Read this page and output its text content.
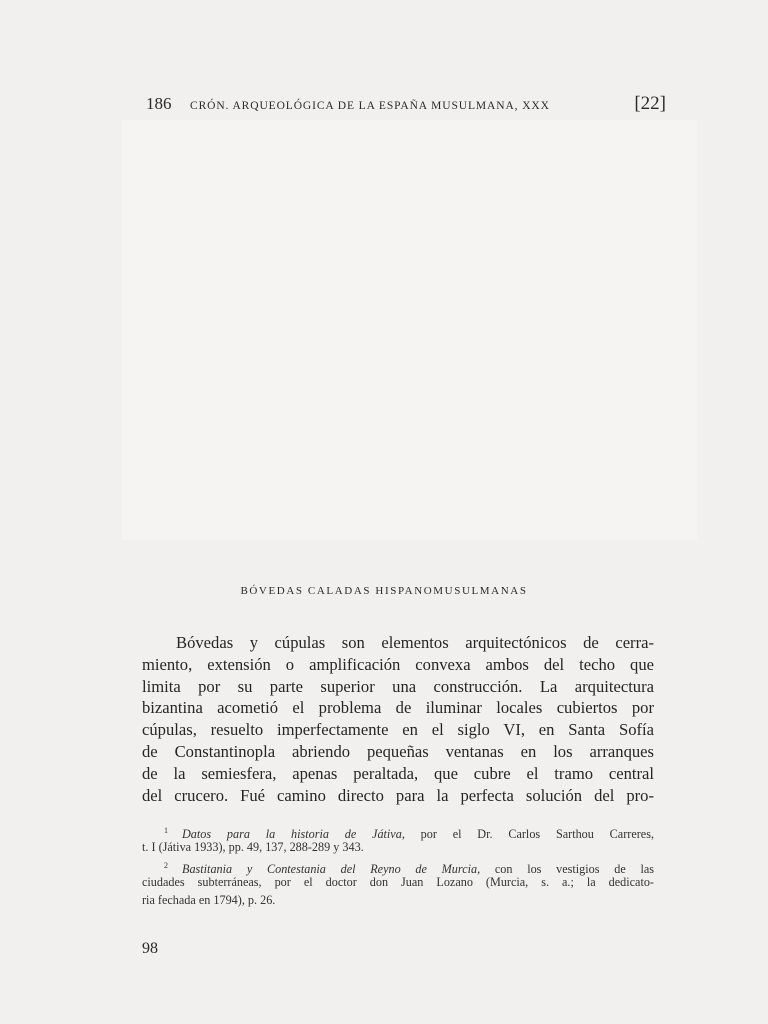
186	CRÓN. ARQUEOLÓGICA DE LA ESPAÑA MUSULMANA, XXX	[22]
BÓVEDAS CALADAS HISPANOMUSULMANAS
Bóvedas y cúpulas son elementos arquitectónicos de cerra-
miento, extensión o amplificación convexa ambos del techo que
limita por su parte superior una construcción. La arquitectura
bizantina acometió el problema de iluminar locales cubiertos por
cúpulas, resuelto imperfectamente en el siglo VI, en Santa Sofía
de Constantinopla abriendo pequeñas ventanas en los arranques
de la semiesfera, apenas peraltada, que cubre el tramo central
del crucero. Fué camino directo para la perfecta solución del pro-
$^1$ Datos para la historia de Játiva, por el Dr. Carlos Sarthou Carreres,
t. I (Játiva 1933), pp. 49, 137, 288-289 y 343.
$^2$ Bastitania y Contestania del Reyno de Murcia, con los vestigios de las
ciudades subterráneas, por el doctor don Juan Lozano (Murcia, s. a.; la dedicato-
ria fechada en 1794), p. 26.
98
